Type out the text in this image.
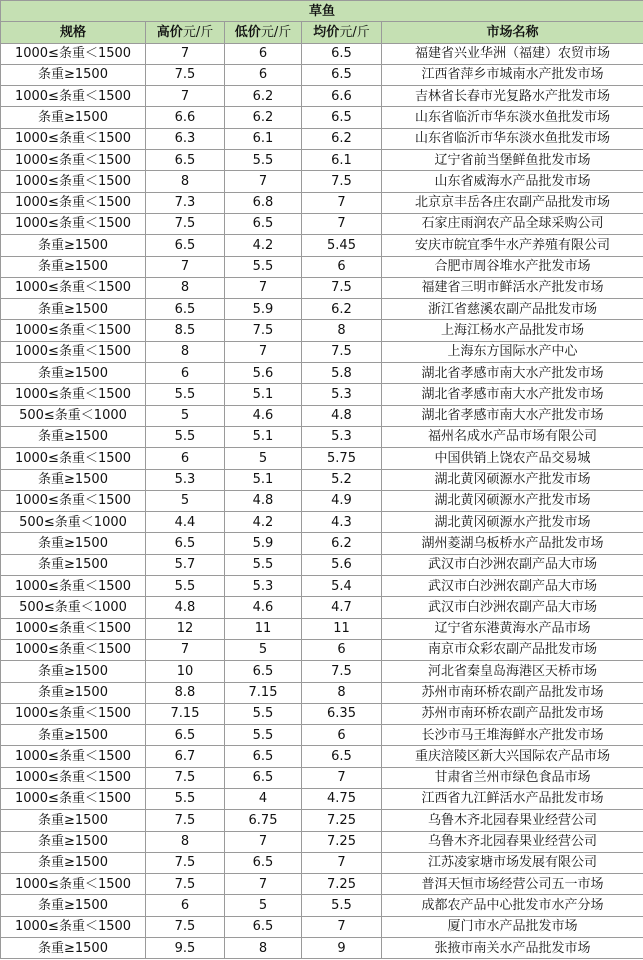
草鱼				
规格	高价元/斤	低价元/斤	均价元/斤	市场名称
1000≤条重＜1500	7	6	6.5	福建省兴业华洲（福建）农贸市场
条重≥1500	7.5	6	6.5	江西省萍乡市城南水产批发市场
1000≤条重＜1500	7	6.2	6.6	吉林省长春市光复路水产批发市场
条重≥1500	6.6	6.2	6.5	山东省临沂市华东淡水鱼批发市场
1000≤条重＜1500	6.3	6.1	6.2	山东省临沂市华东淡水鱼批发市场
1000≤条重＜1500	6.5	5.5	6.1	辽宁省前当堡鲜鱼批发市场
1000≤条重＜1500	8	7	7.5	山东省威海水产品批发市场
1000≤条重＜1500	7.3	6.8	7	北京京丰岳各庄农副产品批发市场
1000≤条重＜1500	7.5	6.5	7	石家庄雨润农产品全球采购公司
条重≥1500	6.5	4.2	5.45	安庆市皖宜季牛水产养殖有限公司
条重≥1500	7	5.5	6	合肥市周谷堆水产批发市场
1000≤条重＜1500	8	7	7.5	福建省三明市鲜活水产批发市场
条重≥1500	6.5	5.9	6.2	浙江省慈溪农副产品批发市场
1000≤条重＜1500	8.5	7.5	8	上海江杨水产品批发市场
1000≤条重＜1500	8	7	7.5	上海东方国际水产中心
条重≥1500	6	5.6	5.8	湖北省孝感市南大水产批发市场
1000≤条重＜1500	5.5	5.1	5.3	湖北省孝感市南大水产批发市场
500≤条重＜1000	5	4.6	4.8	湖北省孝感市南大水产批发市场
条重≥1500	5.5	5.1	5.3	福州名成水产品市场有限公司
1000≤条重＜1500	6	5	5.75	中国供销上饶农产品交易城
条重≥1500	5.3	5.1	5.2	湖北黄冈硕源水产批发市场
1000≤条重＜1500	5	4.8	4.9	湖北黄冈硕源水产批发市场
500≤条重＜1000	4.4	4.2	4.3	湖北黄冈硕源水产批发市场
条重≥1500	6.5	5.9	6.2	湖州菱湖乌板桥水产品批发市场
条重≥1500	5.7	5.5	5.6	武汉市白沙洲农副产品大市场
1000≤条重＜1500	5.5	5.3	5.4	武汉市白沙洲农副产品大市场
500≤条重＜1000	4.8	4.6	4.7	武汉市白沙洲农副产品大市场
1000≤条重＜1500	12	11	11	辽宁省东港黄海水产品市场
1000≤条重＜1500	7	5	6	南京市众彩农副产品批发市场
条重≥1500	10	6.5	7.5	河北省秦皇岛海港区天桥市场
条重≥1500	8.8	7.15	8	苏州市南环桥农副产品批发市场
1000≤条重＜1500	7.15	5.5	6.35	苏州市南环桥农副产品批发市场
条重≥1500	6.5	5.5	6	长沙市马王堆海鲜水产批发市场
1000≤条重＜1500	6.7	6.5	6.5	重庆涪陵区新大兴国际农产品市场
1000≤条重＜1500	7.5	6.5	7	甘肃省兰州市绿色食品市场
1000≤条重＜1500	5.5	4	4.75	江西省九江鲜活水产品批发市场
条重≥1500	7.5	6.75	7.25	乌鲁木齐北园春果业经营公司
条重≥1500	8	7	7.25	乌鲁木齐北园春果业经营公司
条重≥1500	7.5	6.5	7	江苏凌家塘市场发展有限公司
1000≤条重＜1500	7.5	7	7.25	普洱天恒市场经营公司五一市场
条重≥1500	6	5	5.5	成都农产品中心批发市水产分场
1000≤条重＜1500	7.5	6.5	7	厦门市水产品批发市场
条重≥1500	9.5	8	9	张掖市南关水产品批发市场
